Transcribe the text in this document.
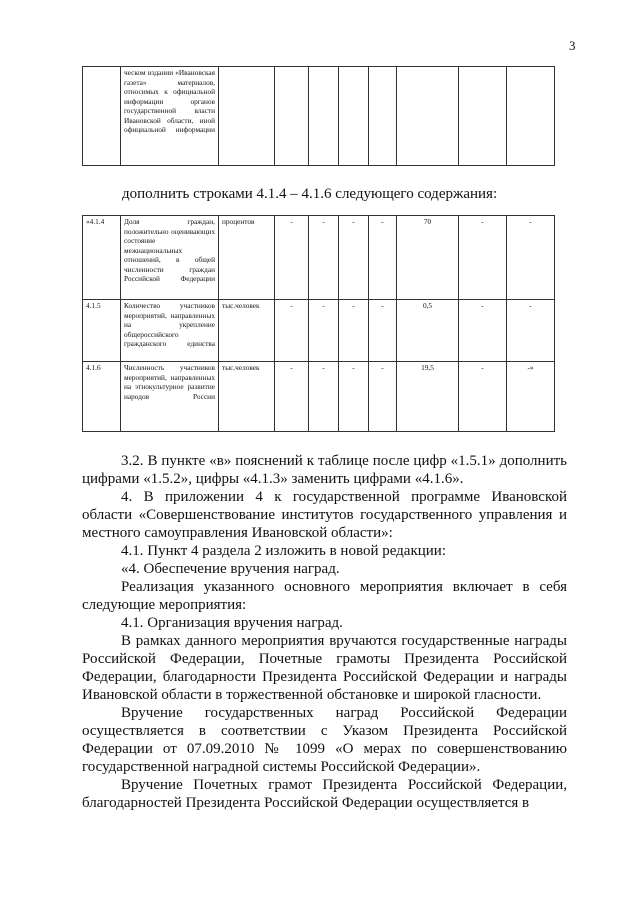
3
	ческом издании «Ивановская газета» материалов, относимых к официальной информации органов государственной власти Ивановской области, иной официальной информации								
дополнить строками 4.1.4 – 4.1.6 следующего содержания:
«4.1.4	Доля граждан, положительно оценивающих состояние межнациональных отношений, в общей численности граждан Российской Федерации	процентов	-	-	-	-	70	-	-
4.1.5	Количество участников мероприятий, направленных на укрепление общероссийского гражданского единства	тыс.человек	-	-	-	-	0,5	-	-
4.1.6	Численность участников мероприятий, направленных на этнокультурное развитие народов России	тыс.человек	-	-	-	-	19,5	-	-»

3.2. В пункте «в» пояснений к таблице после цифр «1.5.1» дополнить цифрами «1.5.2», цифры «4.1.3» заменить цифрами «4.1.6».

4. В приложении 4 к государственной программе Ивановской области «Совершенствование институтов государственного управления и местного самоуправления Ивановской области»:

4.1. Пункт 4 раздела 2 изложить в новой редакции:

«4. Обеспечение вручения наград.

Реализация указанного основного мероприятия включает в себя следующие мероприятия:

4.1. Организация вручения наград.

В рамках данного мероприятия вручаются государственные награды Российской Федерации, Почетные грамоты Президента Российской Федерации, благодарности Президента Российской Федерации и награды Ивановской области в торжественной обстановке и широкой гласности.

Вручение государственных наград Российской Федерации осуществляется в соответствии с Указом Президента Российской Федерации от 07.09.2010 № 1099 «О мерах по совершенствованию государственной наградной системы Российской Федерации».

Вручение Почетных грамот Президента Российской Федерации, благодарностей Президента Российской Федерации осуществляется в
